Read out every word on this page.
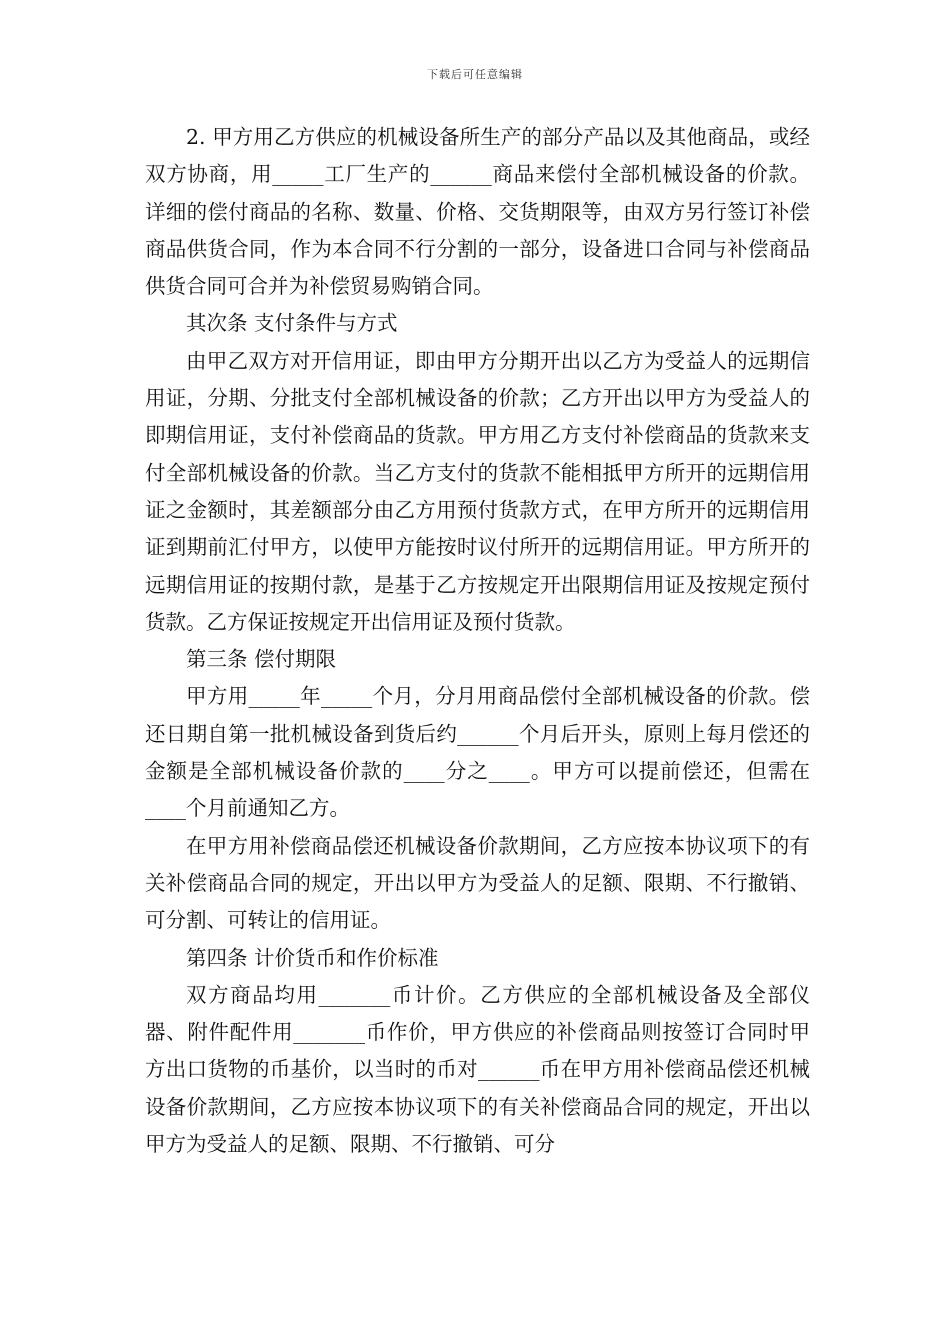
下载后可任意编辑

2. 甲方用乙方供应的机械设备所生产的部分产品以及其他商品，或经双方协商，用_____工厂生产的______商品来偿付全部机械设备的价款。详细的偿付商品的名称、数量、价格、交货期限等，由双方另行签订补偿商品供货合同，作为本合同不行分割的一部分，设备进口合同与补偿商品供货合同可合并为补偿贸易购销合同。

其次条 支付条件与方式

由甲乙双方对开信用证，即由甲方分期开出以乙方为受益人的远期信用证，分期、分批支付全部机械设备的价款；乙方开出以甲方为受益人的即期信用证，支付补偿商品的货款。甲方用乙方支付补偿商品的货款来支付全部机械设备的价款。当乙方支付的货款不能相抵甲方所开的远期信用证之金额时，其差额部分由乙方用预付货款方式，在甲方所开的远期信用证到期前汇付甲方，以使甲方能按时议付所开的远期信用证。甲方所开的远期信用证的按期付款，是基于乙方按规定开出限期信用证及按规定预付货款。乙方保证按规定开出信用证及预付货款。

第三条 偿付期限

甲方用_____年_____个月，分月用商品偿付全部机械设备的价款。偿还日期自第一批机械设备到货后约______个月后开头，原则上每月偿还的金额是全部机械设备价款的____分之____。甲方可以提前偿还，但需在____个月前通知乙方。

在甲方用补偿商品偿还机械设备价款期间，乙方应按本协议项下的有关补偿商品合同的规定，开出以甲方为受益人的足额、限期、不行撤销、可分割、可转让的信用证。

第四条 计价货币和作价标准

双方商品均用_______币计价。乙方供应的全部机械设备及全部仪器、附件配件用_______币作价，甲方供应的补偿商品则按签订合同时甲方出口货物的币基价，以当时的币对______币在甲方用补偿商品偿还机械设备价款期间，乙方应按本协议项下的有关补偿商品合同的规定，开出以甲方为受益人的足额、限期、不行撤销、可分
